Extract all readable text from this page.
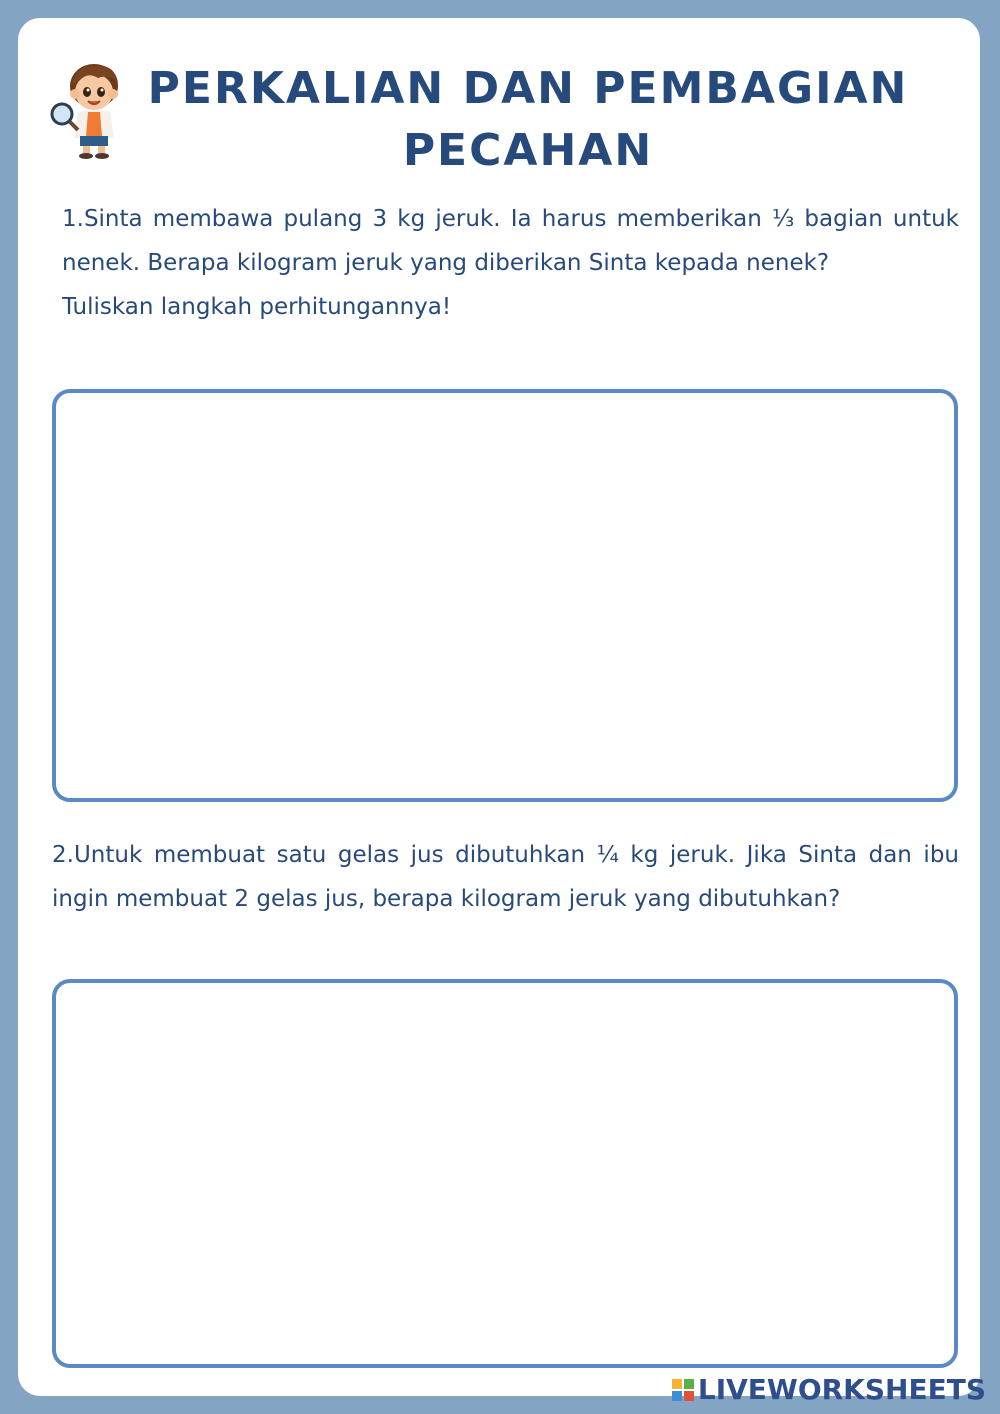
PERKALIAN DAN PEMBAGIAN
PECAHAN

1.Sinta membawa pulang 3 kg jeruk. Ia harus memberikan ⅓ bagian untuk nenek. Berapa kilogram jeruk yang diberikan Sinta kepada nenek?

Tuliskan langkah perhitungannya!

2.Untuk membuat satu gelas jus dibutuhkan ¼ kg jeruk. Jika Sinta dan ibu ingin membuat 2 gelas jus, berapa kilogram jeruk yang dibutuhkan?

LIVEWORKSHEETS
